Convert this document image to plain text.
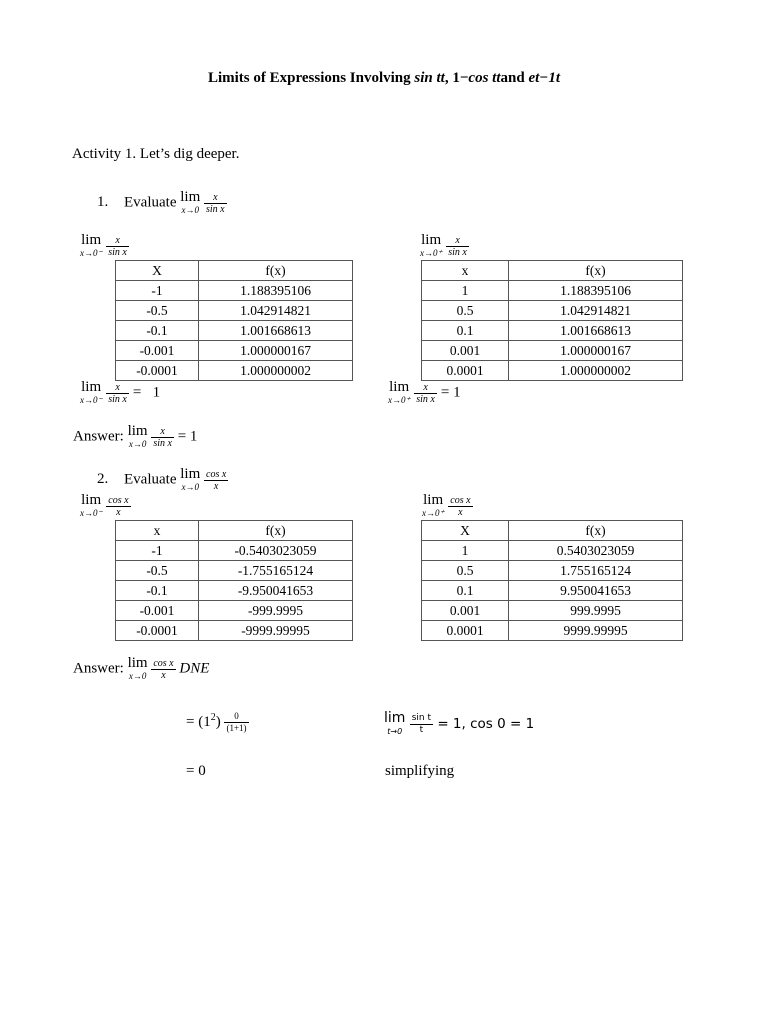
Limits of Expressions Involving sin tt, 1−cos ttand et−1t
Activity 1. Let’s dig deeper.
1. Evaluate lim
x→0
$\frac{x}{\text{sin x}}$
lim
x→0⁻
$\frac{x}{\text{sin x}}$	lim
x→0⁺
$\frac{x}{\text{sin x}}$
X	f(x)
-1	1.188395106
-0.5	1.042914821
-0.1	1.001668613
-0.001	1.000000167
-0.0001	1.000000002
x	f(x)
1	1.188395106
0.5	1.042914821
0.1	1.001668613
0.001	1.000000167
0.0001	1.000000002
lim
x→0⁻
$\frac{x}{\text{sin x}} = 1$	lim
x→0⁺
$\frac{x}{\text{sin x}} = 1$
Answer: lim
x→0
$\frac{x}{\text{sin x}} = 1$
2. Evaluate lim
x→0
$\frac{\text{cos x}}{x}$
lim
x→0⁻
$\frac{\text{cos x}}{x}$	lim
x→0⁺
$\frac{\text{cos x}}{x}$
x	f(x)
-1	-0.5403023059
-0.5	-1.755165124
-0.1	-9.950041653
-0.001	-999.9995
-0.0001	-9999.99995
X	f(x)
1	0.5403023059
0.5	1.755165124
0.1	9.950041653
0.001	999.9995
0.0001	9999.99995
Answer: lim
x→0
$\frac{\text{cos x}}{x}$ DNE
= $(1^2) \frac{0}{(1+1)}$	lim
t→0
$\frac{\text{sin t}}{t} = 1$, cos 0 = 1
= 0	simplifying
